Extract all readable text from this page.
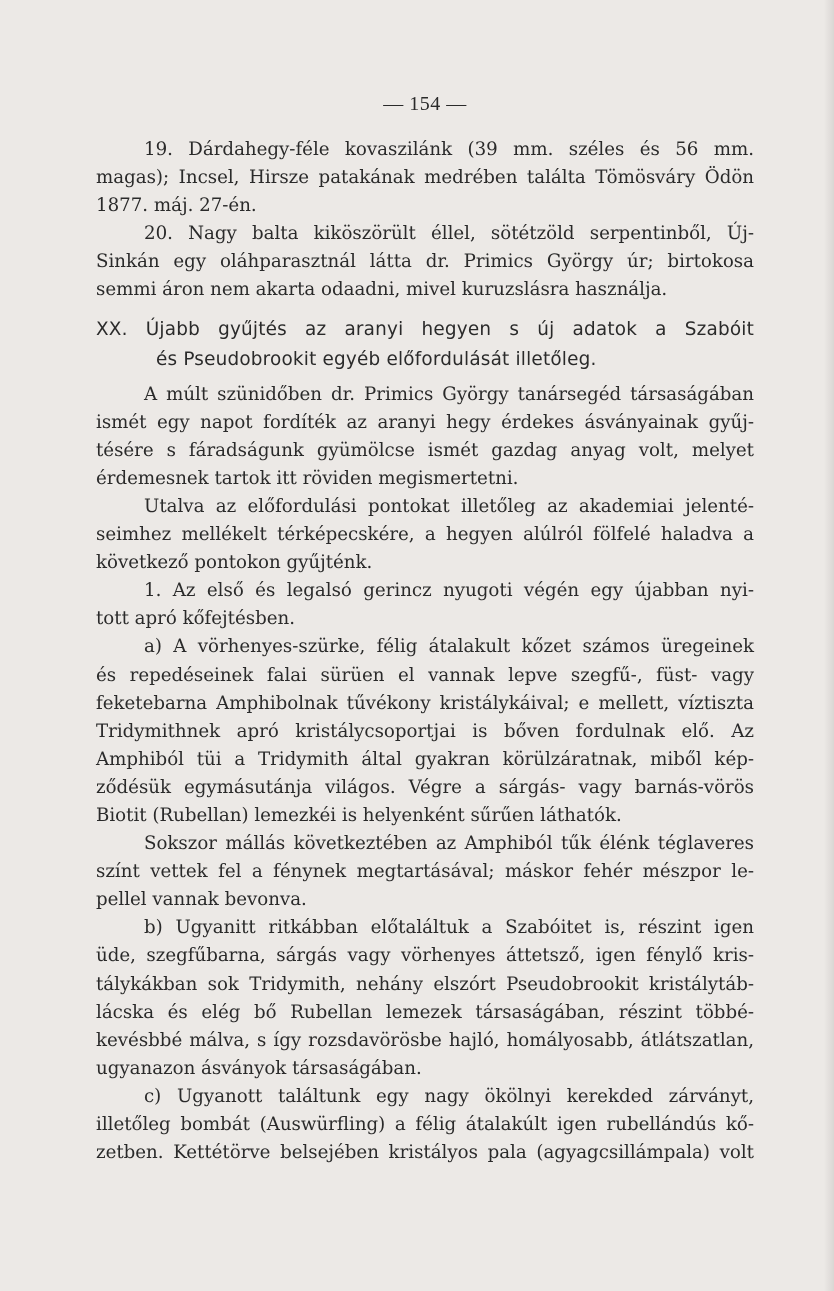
— 154 —
19. Dárdahegy-féle kovaszilánk (39 mm. széles és 56 mm.
magas); Incsel, Hirsze patakának medrében találta Tömösváry Ödön
1877. máj. 27-én.
20. Nagy balta kiköszörült éllel, sötétzöld serpentinből, Új-
Sinkán egy oláhparasztnál látta dr. Primics György úr; birtokosa
semmi áron nem akarta odaadni, mivel kuruzslásra használja.
XX. Újabb gyűjtés az aranyi hegyen s új adatok a Szabóit
és Pseudobrookit egyéb előfordulását illetőleg.
A múlt szünidőben dr. Primics György tanársegéd társaságában
ismét egy napot fordíték az aranyi hegy érdekes ásványainak gyűj-
tésére s fáradságunk gyümölcse ismét gazdag anyag volt, melyet
érdemesnek tartok itt röviden megismertetni.
Utalva az előfordulási pontokat illetőleg az akademiai jelenté-
seimhez mellékelt térképecskére, a hegyen alúlról fölfelé haladva a
következő pontokon gyűjténk.
1. Az első és legalsó gerincz nyugoti végén egy újabban nyi-
tott apró kőfejtésben.
a) A vörhenyes-szürke, félig átalakult kőzet számos üregeinek
és repedéseinek falai sürüen el vannak lepve szegfű-, füst- vagy
feketebarna Amphibolnak tűvékony kristálykáival; e mellett, víztiszta
Tridymithnek apró kristálycsoportjai is bőven fordulnak elő. Az
Amphiból tüi a Tridymith által gyakran körülzáratnak, miből kép-
ződésük egymásutánja világos. Végre a sárgás- vagy barnás-vörös
Biotit (Rubellan) lemezkéi is helyenként sűrűen láthatók.
Sokszor mállás következtében az Amphiból tűk élénk téglaveres
színt vettek fel a fénynek megtartásával; máskor fehér mészpor le-
pellel vannak bevonva.
b) Ugyanitt ritkábban előtaláltuk a Szabóitet is, részint igen
üde, szegfűbarna, sárgás vagy vörhenyes áttetsző, igen fénylő kris-
tálykákban sok Tridymith, nehány elszórt Pseudobrookit kristálytáb-
lácska és elég bő Rubellan lemezek társaságában, részint többé-
kevésbbé málva, s így rozsdavörösbe hajló, homályosabb, átlátszatlan,
ugyanazon ásványok társaságában.
c) Ugyanott találtunk egy nagy ökölnyi kerekded zárványt,
illetőleg bombát (Auswürfling) a félig átalakúlt igen rubellándús kő-
zetben. Kettétörve belsejében kristályos pala (agyagcsillámpala) volt
